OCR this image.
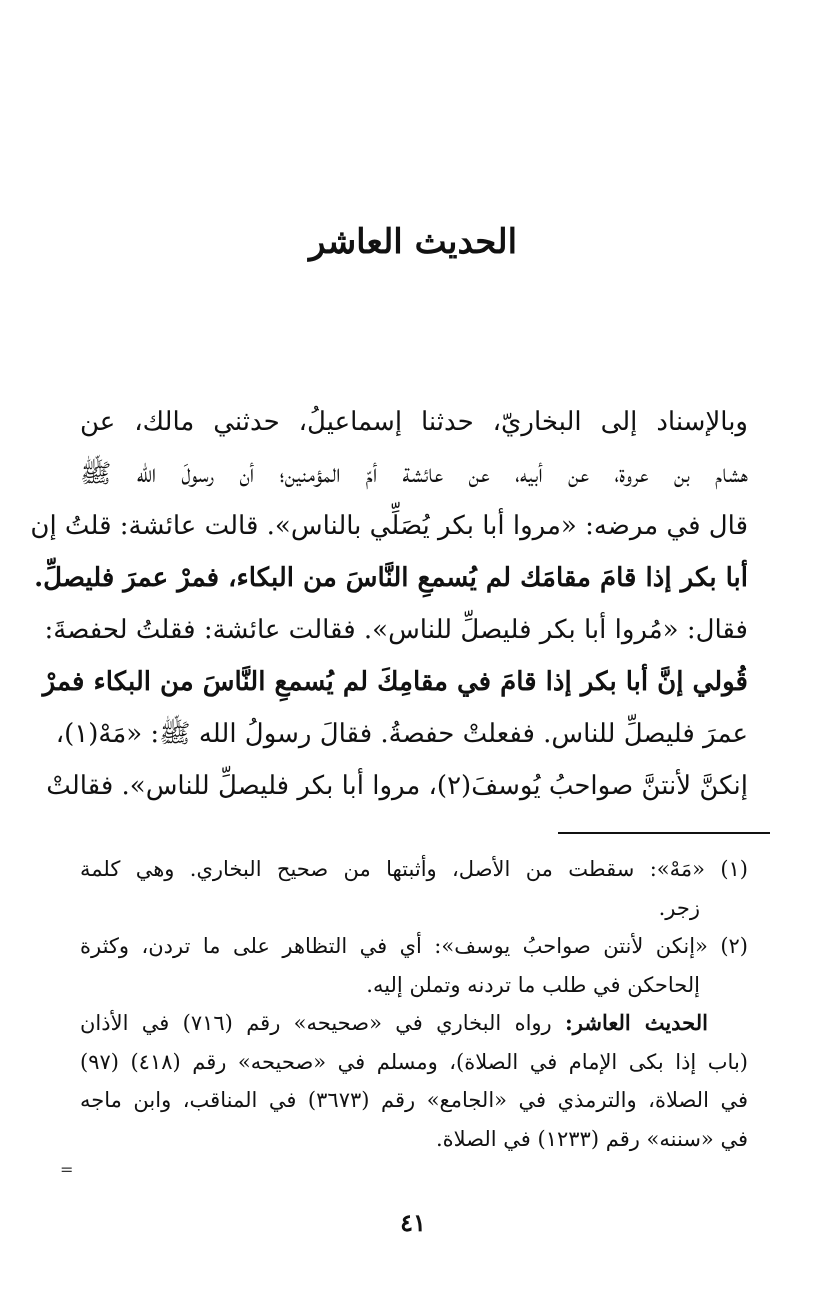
الحديث العاشر
وبالإسناد إلى البخاريّ، حدثنا إسماعيلُ، حدثني مالك، عن
هشام بن عروة، عن أبيه، عن عائشة أمّ المؤمنين؛ أن رسولَ الله ﷺ
قال في مرضه: «مروا أبا بكر يُصَلِّي بالناس». قالت عائشة: قلتُ إن
أبا بكر إذا قامَ مقامَك لم يُسمعِ النَّاسَ من البكاء، فمرْ عمرَ فليصلِّ.
فقال: «مُروا أبا بكر فليصلِّ للناس». فقالت عائشة: فقلتُ لحفصةَ:
قُولي إنَّ أبا بكر إذا قامَ في مقامِكَ لم يُسمعِ النَّاسَ من البكاء فمرْ
عمرَ فليصلِّ للناس. ففعلتْ حفصةُ. فقالَ رسولُ الله ﷺ: «مَهْ(١)،
إنكنَّ لأنتنَّ صواحبُ يُوسفَ(٢)، مروا أبا بكر فليصلِّ للناس». فقالتْ
(١) «مَهْ»: سقطت من الأصل، وأثبتها من صحيح البخاري. وهي كلمة
زجر.
(٢) «إنكن لأنتن صواحبُ يوسف»: أي في التظاهر على ما تردن، وكثرة
إلحاحكن في طلب ما تردنه وتملن إليه.
الحديث العاشر: رواه البخاري في «صحيحه» رقم (٧١٦) في الأذان
(باب إذا بكى الإمام في الصلاة)، ومسلم في «صحيحه» رقم (٤١٨) (٩٧)
في الصلاة، والترمذي في «الجامع» رقم (٣٦٧٣) في المناقب، وابن ماجه
في «سننه» رقم (١٢٣٣) في الصلاة.
=
٤١
